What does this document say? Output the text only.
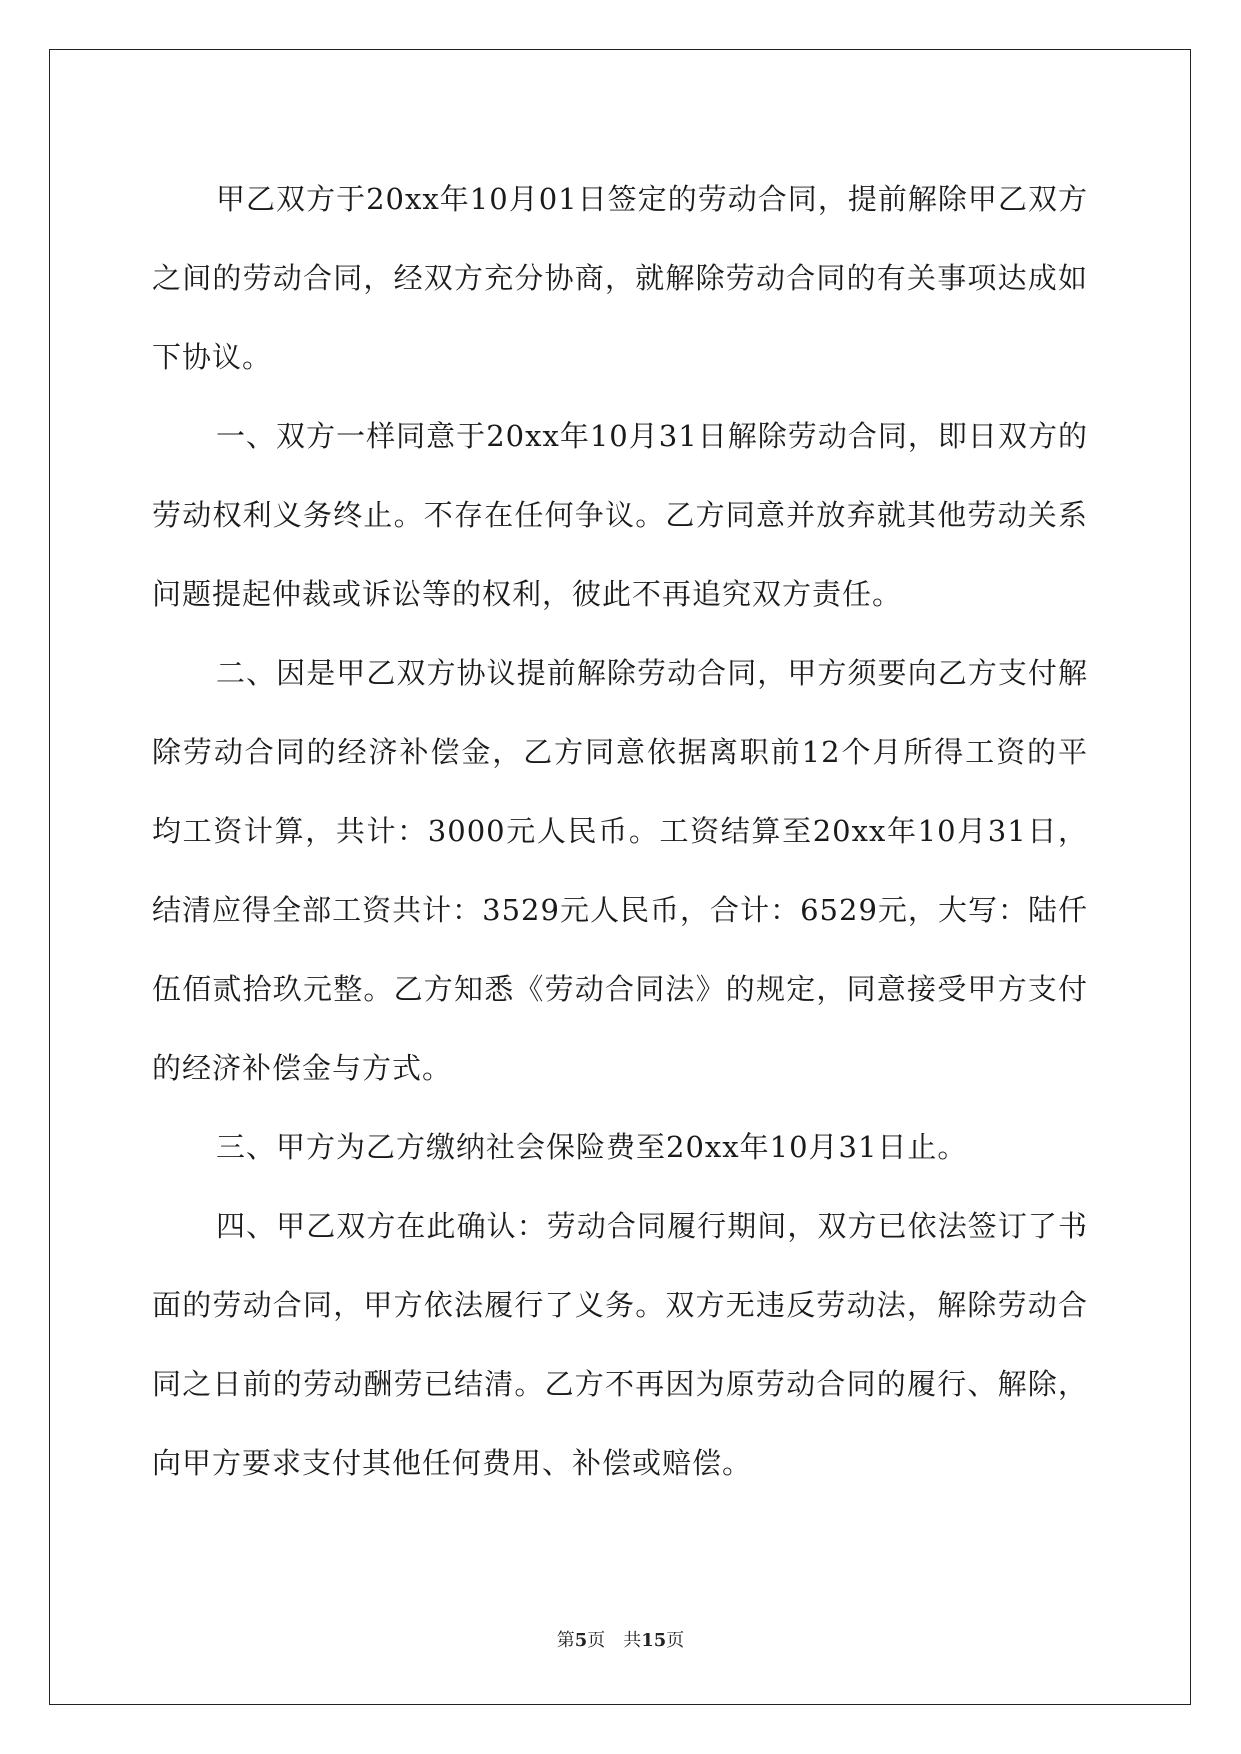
甲乙双方于20xx年10月01日签定的劳动合同，提前解除甲乙双方之间的劳动合同，经双方充分协商，就解除劳动合同的有关事项达成如下协议。

一、双方一样同意于20xx年10月31日解除劳动合同，即日双方的劳动权利义务终止。不存在任何争议。乙方同意并放弃就其他劳动关系问题提起仲裁或诉讼等的权利，彼此不再追究双方责任。

二、因是甲乙双方协议提前解除劳动合同，甲方须要向乙方支付解除劳动合同的经济补偿金，乙方同意依据离职前12个月所得工资的平均工资计算，共计：3000元人民币。工资结算至20xx年10月31日，结清应得全部工资共计：3529元人民币，合计：6529元，大写：陆仟伍佰贰拾玖元整。乙方知悉《劳动合同法》的规定，同意接受甲方支付的经济补偿金与方式。

三、甲方为乙方缴纳社会保险费至20xx年10月31日止。

四、甲乙双方在此确认：劳动合同履行期间，双方已依法签订了书面的劳动合同，甲方依法履行了义务。双方无违反劳动法，解除劳动合同之日前的劳动酬劳已结清。乙方不再因为原劳动合同的履行、解除，向甲方要求支付其他任何费用、补偿或赔偿。

第5页　共15页
